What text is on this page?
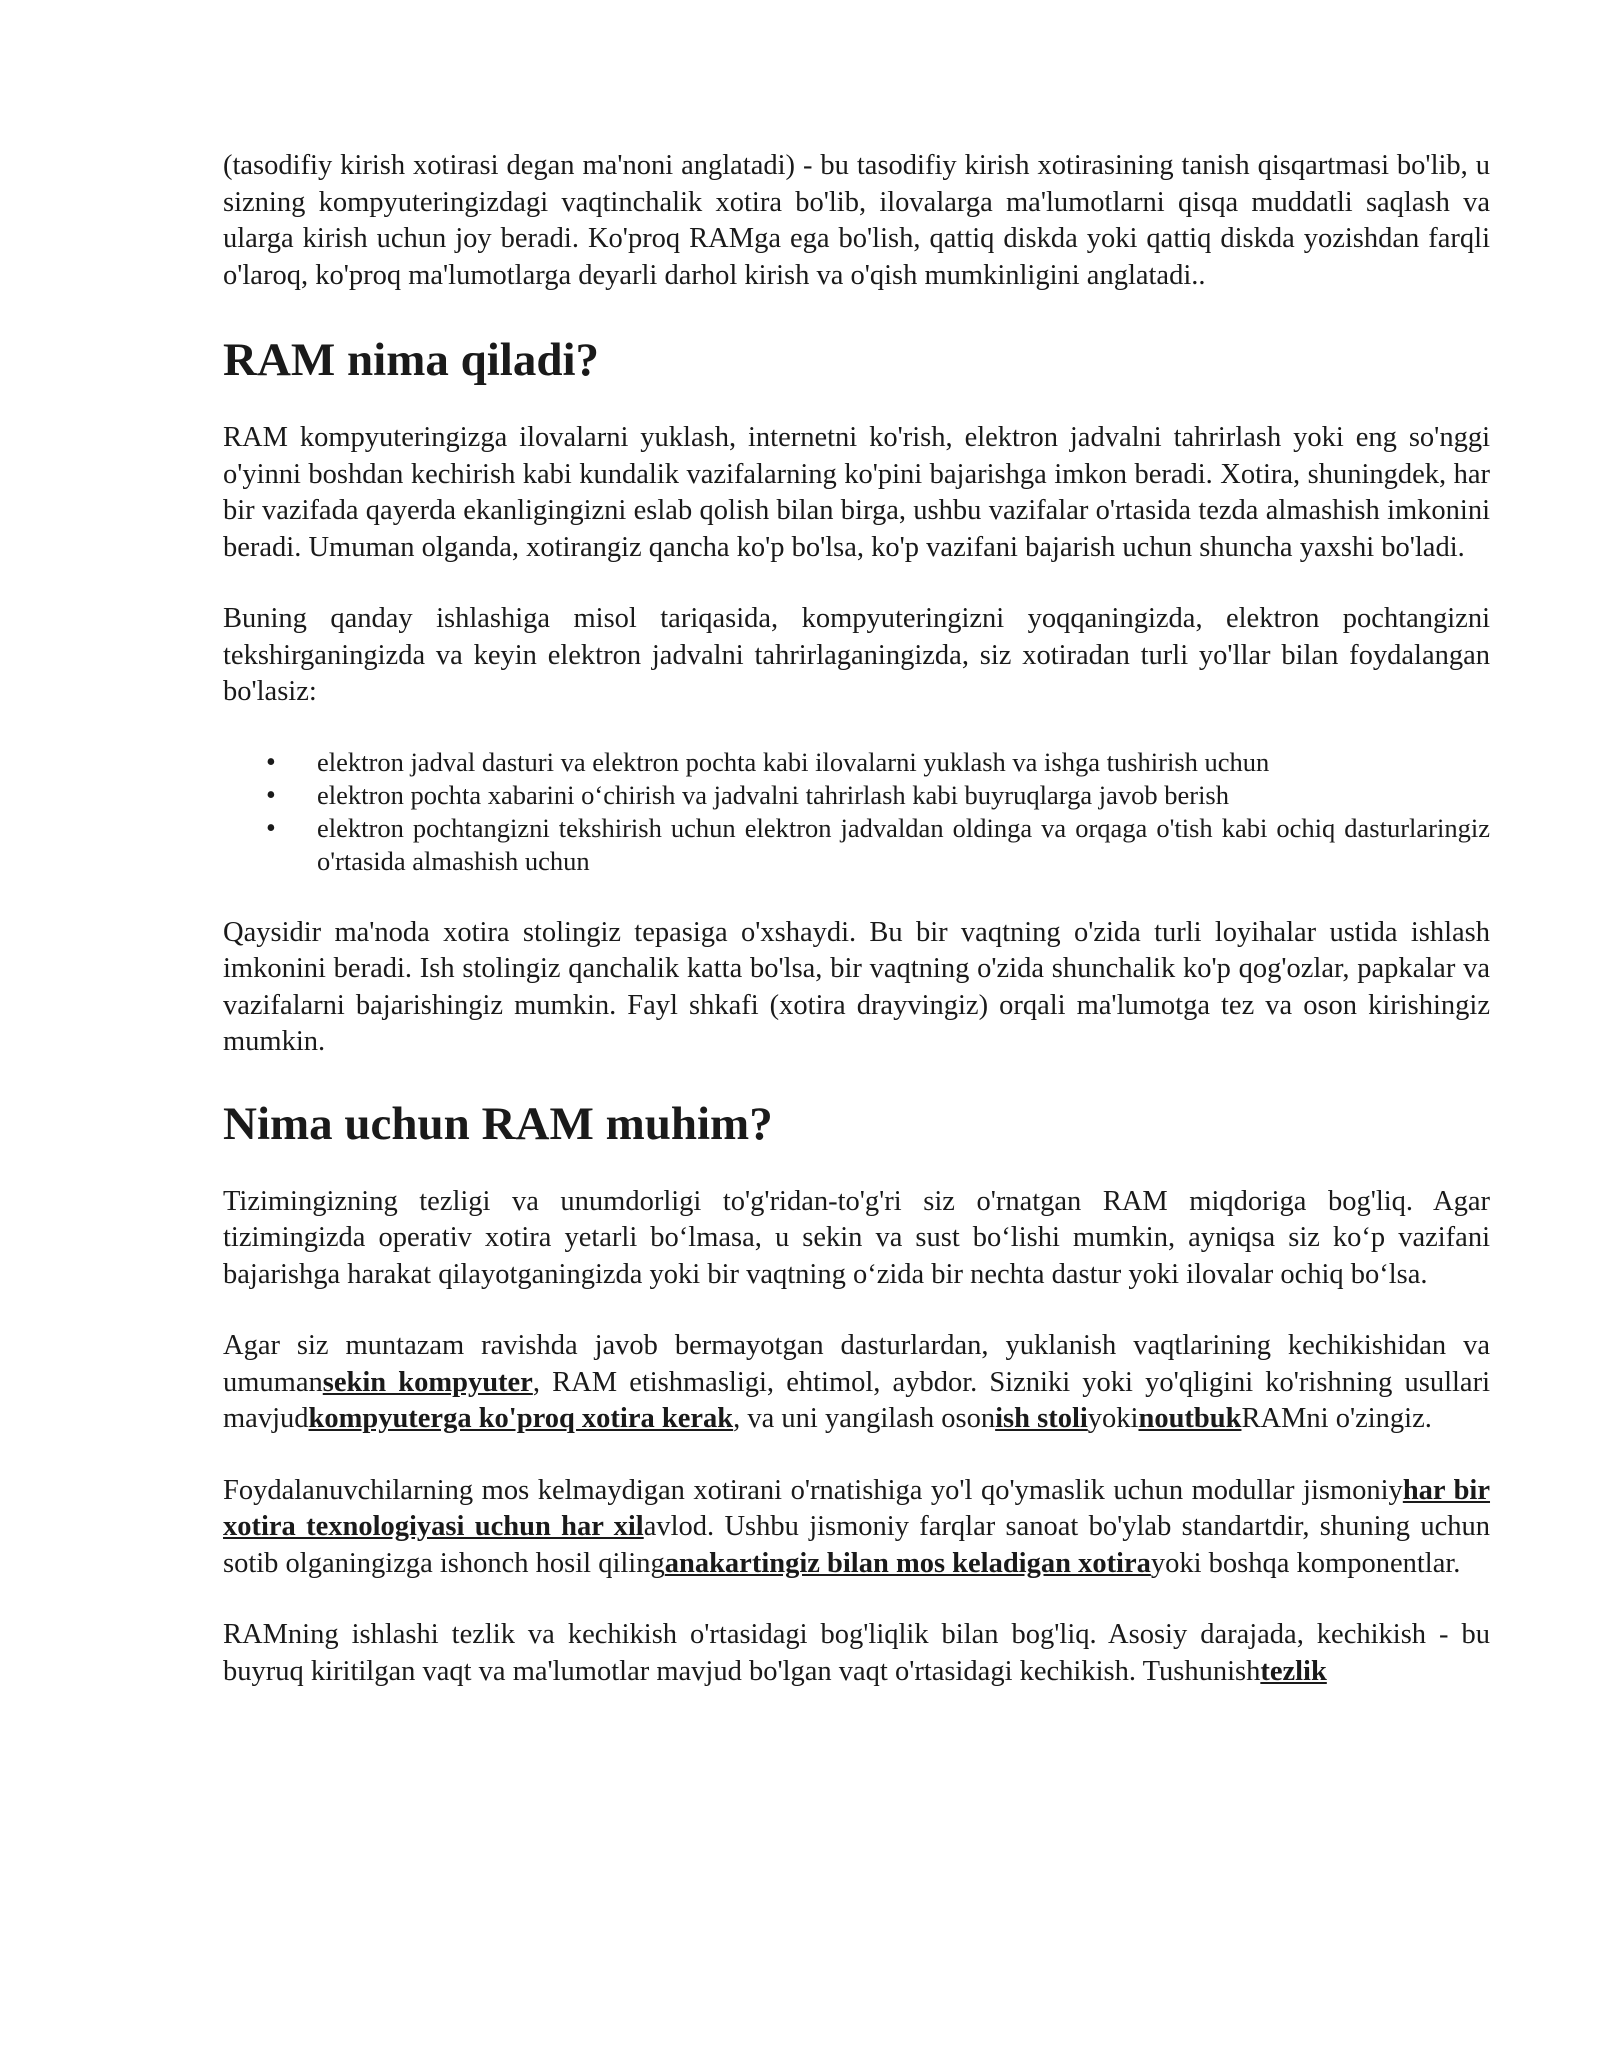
(tasodifiy kirish xotirasi degan ma'noni anglatadi) - bu tasodifiy kirish xotirasining tanish qisqartmasi bo'lib, u sizning kompyuteringizdagi vaqtinchalik xotira bo'lib, ilovalarga ma'lumotlarni qisqa muddatli saqlash va ularga kirish uchun joy beradi. Ko'proq RAMga ega bo'lish, qattiq diskda yoki qattiq diskda yozishdan farqli o'laroq, ko'proq ma'lumotlarga deyarli darhol kirish va o'qish mumkinligini anglatadi..

RAM nima qiladi?

RAM kompyuteringizga ilovalarni yuklash, internetni ko'rish, elektron jadvalni tahrirlash yoki eng so'nggi o'yinni boshdan kechirish kabi kundalik vazifalarning ko'pini bajarishga imkon beradi. Xotira, shuningdek, har bir vazifada qayerda ekanligingizni eslab qolish bilan birga, ushbu vazifalar o'rtasida tezda almashish imkonini beradi. Umuman olganda, xotirangiz qancha ko'p bo'lsa, ko'p vazifani bajarish uchun shuncha yaxshi bo'ladi.

Buning qanday ishlashiga misol tariqasida, kompyuteringizni yoqqaningizda, elektron pochtangizni tekshirganingizda va keyin elektron jadvalni tahrirlaganingizda, siz xotiradan turli yo'llar bilan foydalangan bo'lasiz:

• elektron jadval dasturi va elektron pochta kabi ilovalarni yuklash va ishga tushirish uchun
• elektron pochta xabarini o‘chirish va jadvalni tahrirlash kabi buyruqlarga javob berish
• elektron pochtangizni tekshirish uchun elektron jadvaldan oldinga va orqaga o'tish kabi ochiq dasturlaringiz o'rtasida almashish uchun

Qaysidir ma'noda xotira stolingiz tepasiga o'xshaydi. Bu bir vaqtning o'zida turli loyihalar ustida ishlash imkonini beradi. Ish stolingiz qanchalik katta bo'lsa, bir vaqtning o'zida shunchalik ko'p qog'ozlar, papkalar va vazifalarni bajarishingiz mumkin. Fayl shkafi (xotira drayvingiz) orqali ma'lumotga tez va oson kirishingiz mumkin.

Nima uchun RAM muhim?

Tizimingizning tezligi va unumdorligi to'g'ridan-to'g'ri siz o'rnatgan RAM miqdoriga bog'liq. Agar tizimingizda operativ xotira yetarli bo‘lmasa, u sekin va sust bo‘lishi mumkin, ayniqsa siz ko‘p vazifani bajarishga harakat qilayotganingizda yoki bir vaqtning o‘zida bir nechta dastur yoki ilovalar ochiq bo‘lsa.

Agar siz muntazam ravishda javob bermayotgan dasturlardan, yuklanish vaqtlarining kechikishidan va umumansekin kompyuter, RAM etishmasligi, ehtimol, aybdor. Sizniki yoki yo'qligini ko'rishning usullari mavjudkompyuterga ko'proq xotira kerak, va uni yangilash osonish stoliyokinoutbukRAMni o'zingiz.

Foydalanuvchilarning mos kelmaydigan xotirani o'rnatishiga yo'l qo'ymaslik uchun modullar jismoniyhar bir xotira texnologiyasi uchun har xilavlod. Ushbu jismoniy farqlar sanoat bo'ylab standartdir, shuning uchun sotib olganingizga ishonch hosil qilinganakartingiz bilan mos keladigan xotirayoki boshqa komponentlar.

RAMning ishlashi tezlik va kechikish o'rtasidagi bog'liqlik bilan bog'liq. Asosiy darajada, kechikish - bu buyruq kiritilgan vaqt va ma'lumotlar mavjud bo'lgan vaqt o'rtasidagi kechikish. Tushunishtezlik
